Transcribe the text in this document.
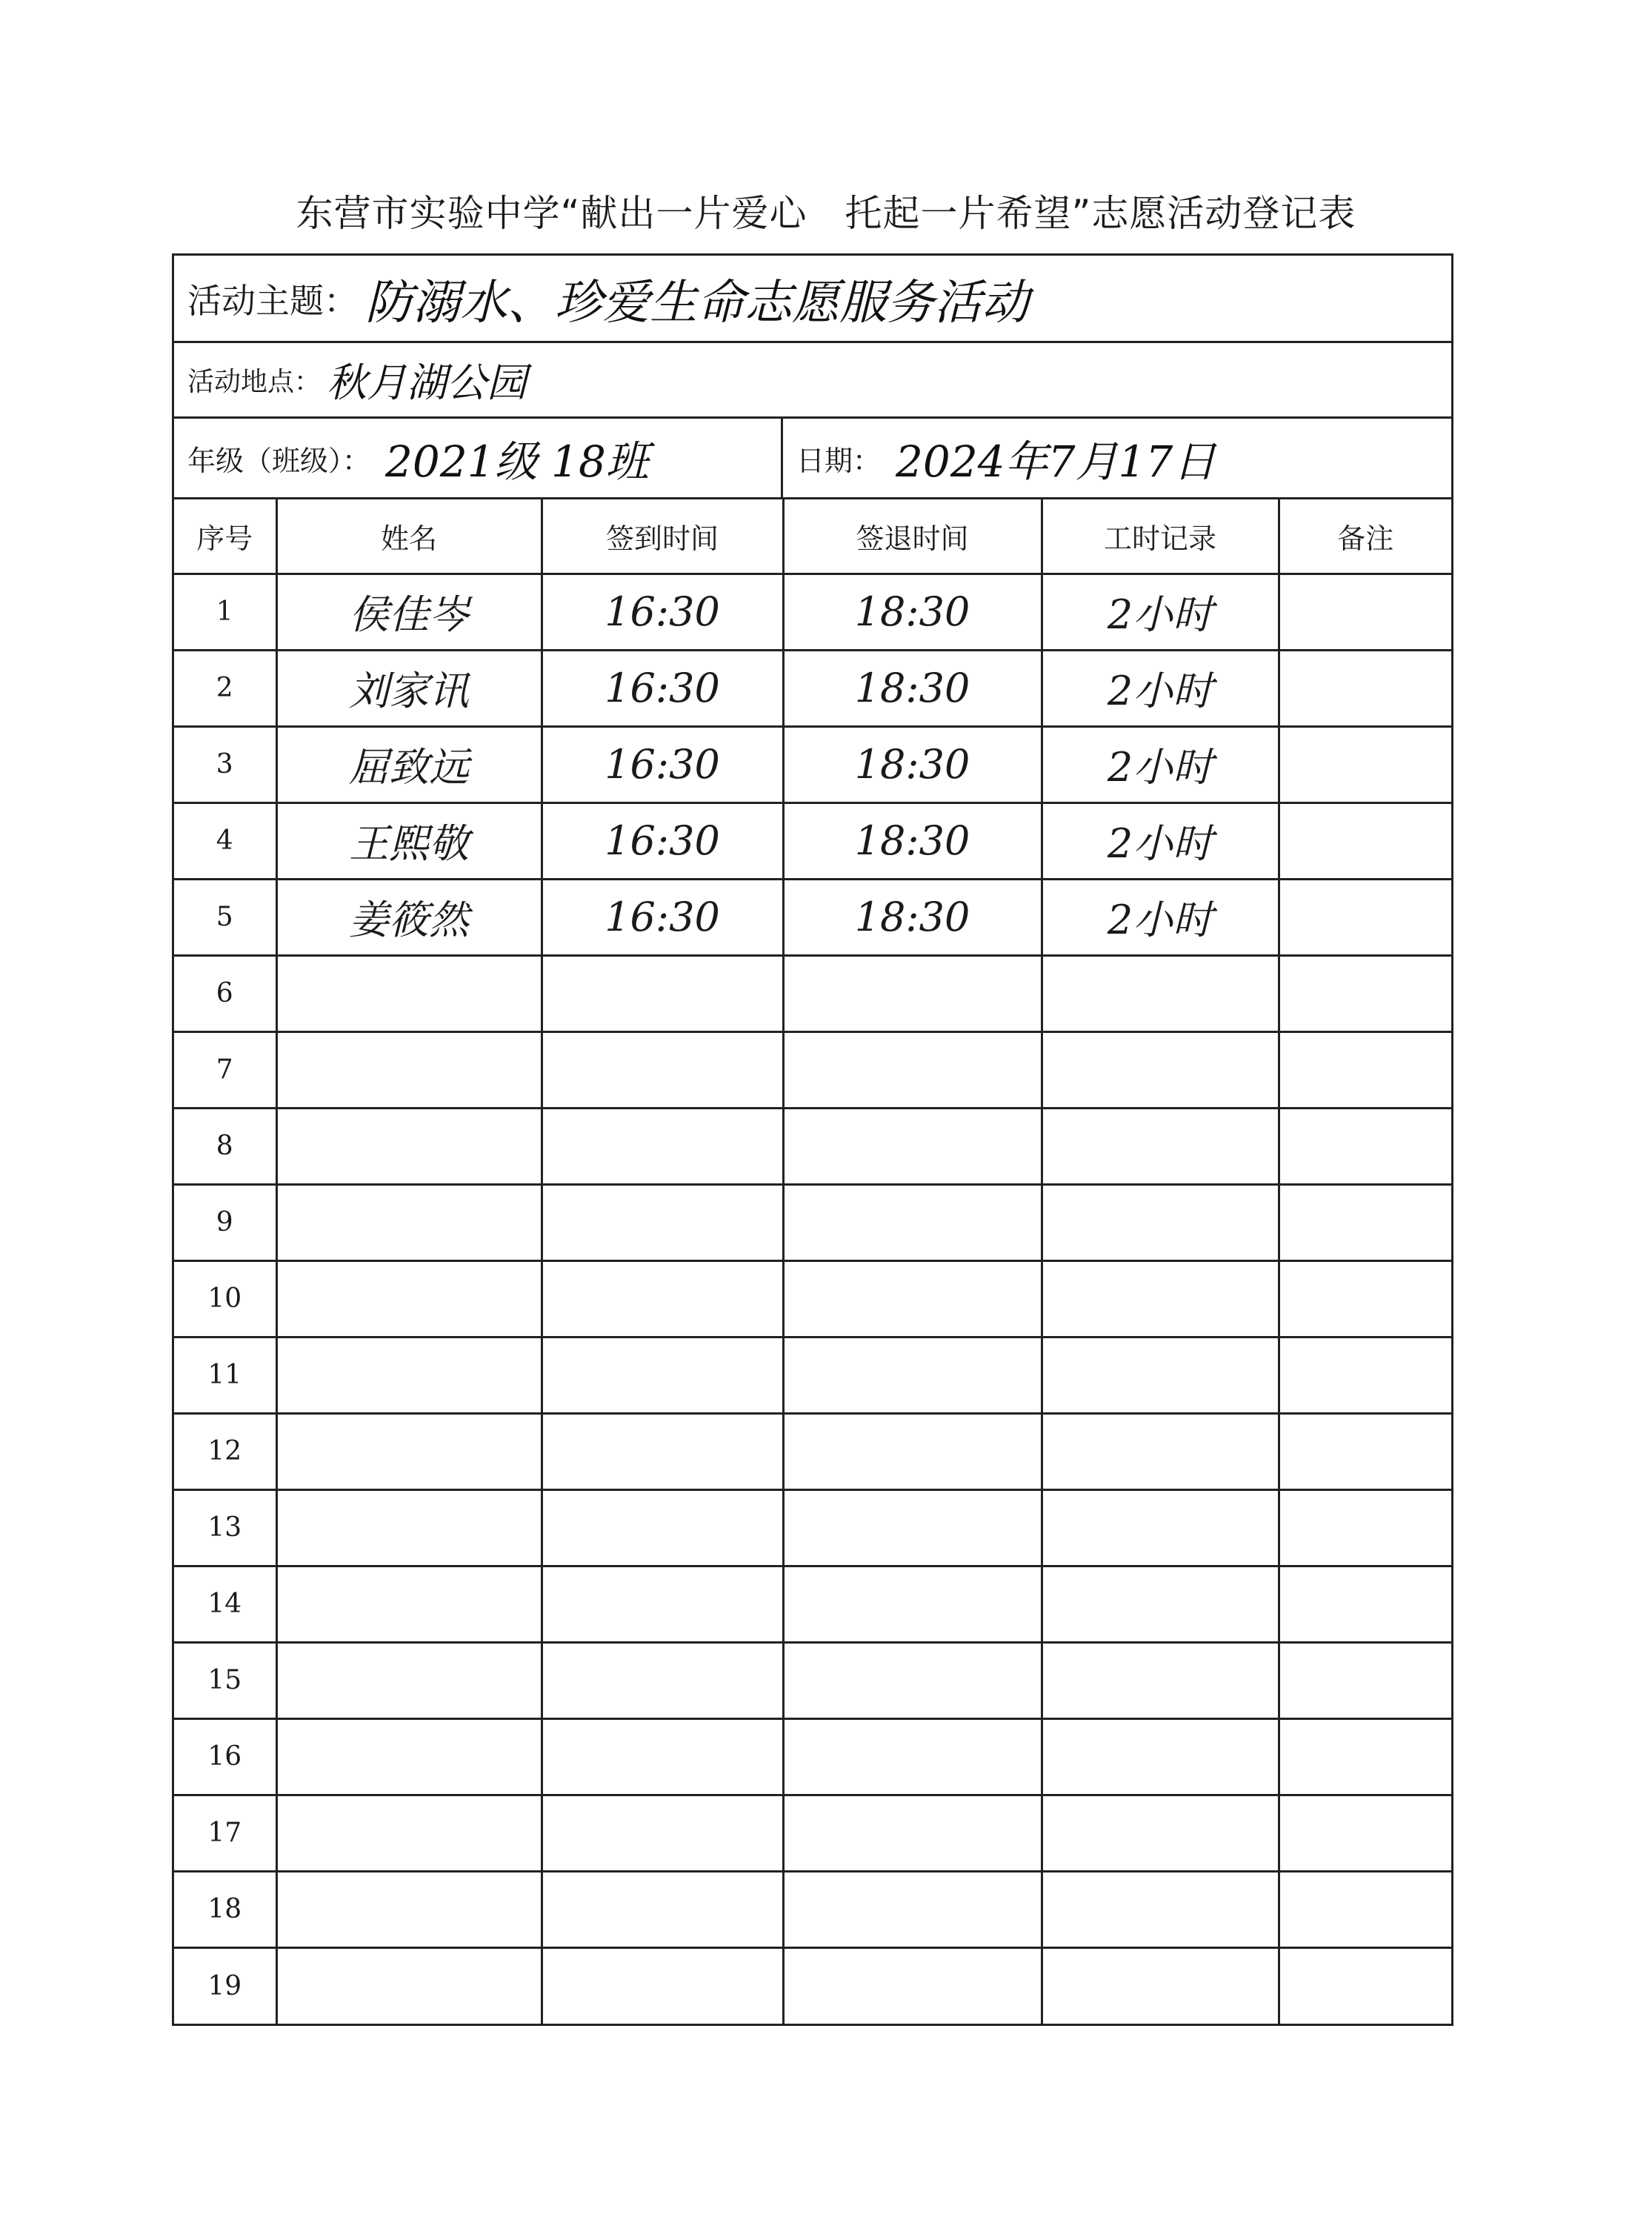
东营市实验中学“献出一片爱心　托起一片希望”志愿活动登记表
活动主题： 防溺水、珍爱生命志愿服务活动
活动地点： 秋月湖公园
年级（班级）： 2021级 18班	日期： 2024年7月17日
序号	姓名	签到时间	签退时间	工时记录	备注
1	侯佳岑	16:30	18:30	2小时	
2	刘家讯	16:30	18:30	2小时	
3	屈致远	16:30	18:30	2小时	
4	王熙敬	16:30	18:30	2小时	
5	姜筱然	16:30	18:30	2小时	
6					
7					
8					
9					
10					
11					
12					
13					
14					
15					
16					
17					
18					
19					
